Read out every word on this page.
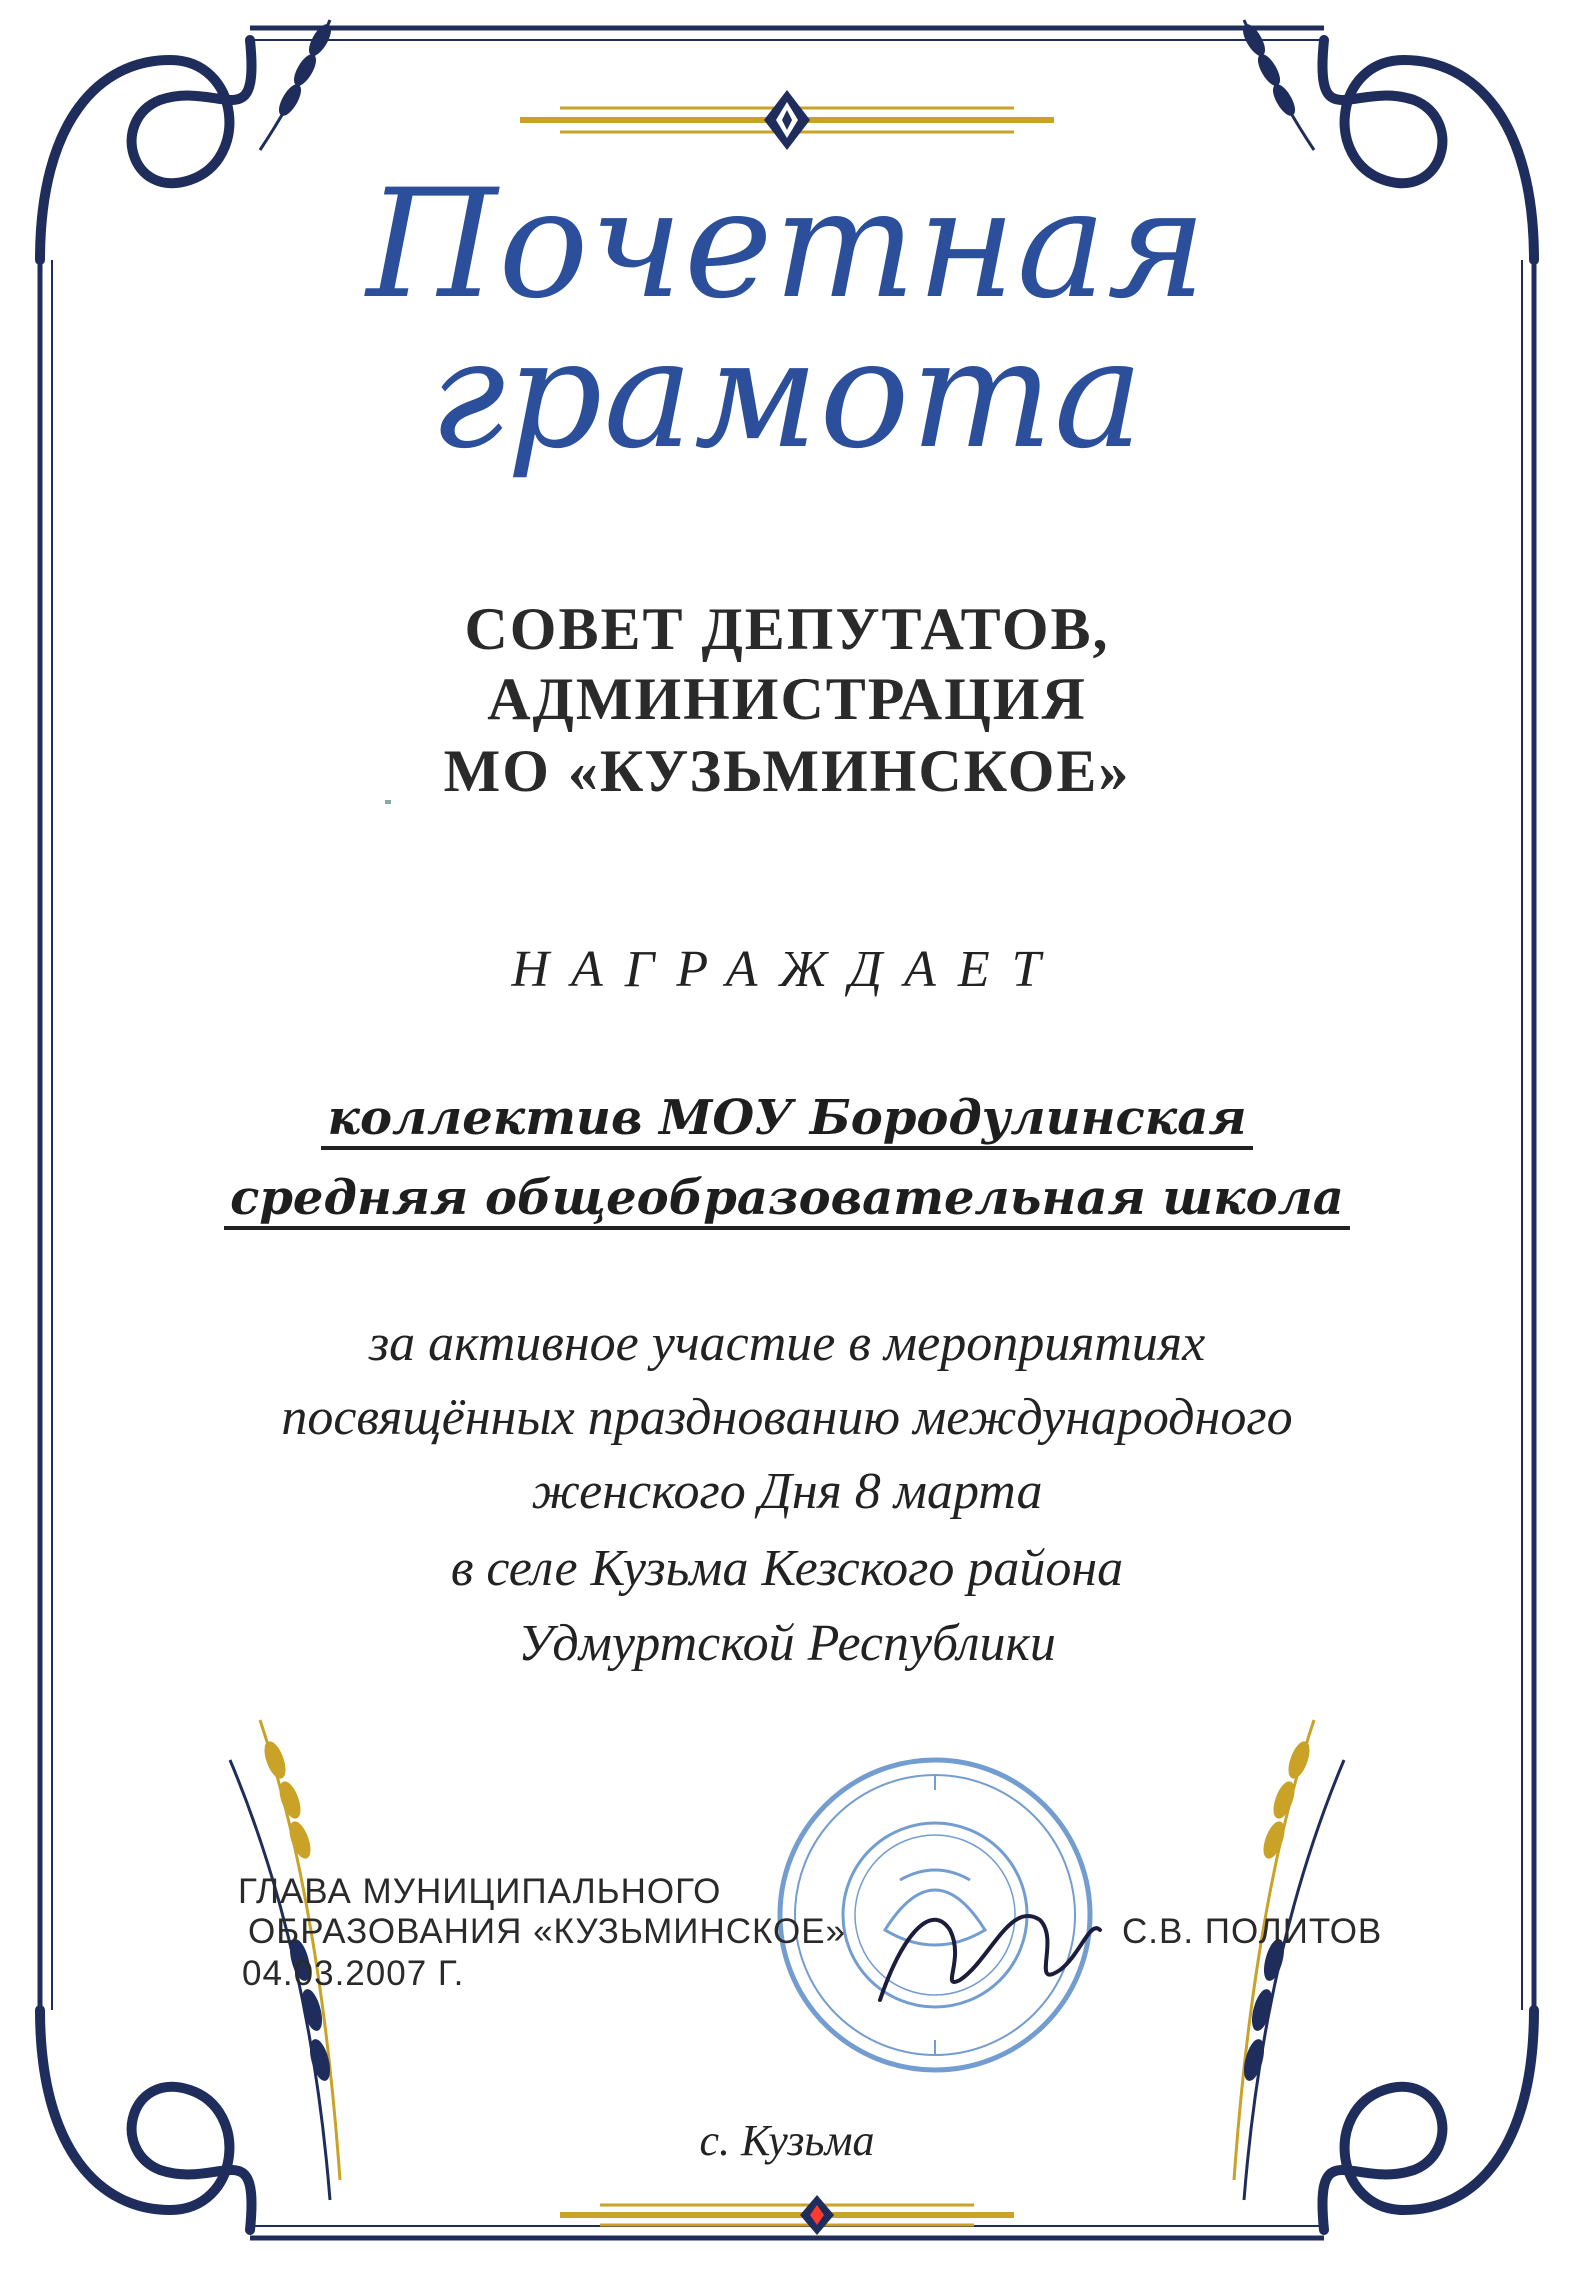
Почетная
грамота
СОВЕТ ДЕПУТАТОВ,
АДМИНИСТРАЦИЯ
МО «КУЗЬМИНСКОЕ»
НАГРАЖДАЕТ
коллектив МОУ Бородулинская
средняя общеобразовательная школа
за активное участие в мероприятиях
посвящённых празднованию международного
женского Дня 8 марта
в селе Кузьма Кезского района
Удмуртской Республики
ГЛАВА МУНИЦИПАЛЬНОГО
ОБРАЗОВАНИЯ «КУЗЬМИНСКОЕ»
04.03.2007 Г.
С.В. ПОЛИТОВ
с. Кузьма
